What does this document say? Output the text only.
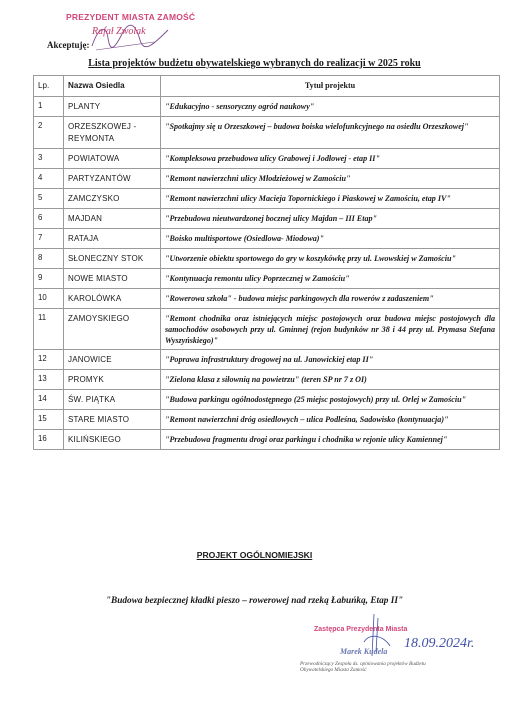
PREZYDENT MIASTA ZAMOŚĆ
Rafał Zwolak
Akceptuję:
Lista projektów budżetu obywatelskiego wybranych do realizacji w 2025 roku
Lp.	Nazwa Osiedla	Tytuł projektu
1	PLANTY	"Edukacyjno - sensoryczny ogród naukowy"
2	ORZESZKOWEJ - REYMONTA	"Spotkajmy się u Orzeszkowej – budowa boiska wielofunkcyjnego na osiedlu Orzeszkowej"
3	POWIATOWA	"Kompleksowa przebudowa ulicy Grabowej i Jodłowej - etap II"
4	PARTYZANTÓW	"Remont nawierzchni ulicy Młodzieżowej w Zamościu"
5	ZAMCZYSKO	"Remont nawierzchni ulicy Macieja Topornickiego i Piaskowej w Zamościu, etap IV"
6	MAJDAN	"Przebudowa nieutwardzonej bocznej ulicy Majdan – III Etap"
7	RATAJA	"Boisko multisportowe (Osiedlowa- Miodowa)"
8	SŁONECZNY STOK	"Utworzenie obiektu sportowego do gry w koszykówkę przy ul. Lwowskiej w Zamościu"
9	NOWE MIASTO	"Kontynuacja remontu ulicy Poprzecznej w Zamościu"
10	KAROLÓWKA	"Rowerowa szkoła" - budowa miejsc parkingowych dla rowerów z zadaszeniem"
11	ZAMOYSKIEGO	"Remont chodnika oraz istniejących miejsc postojowych oraz budowa miejsc postojowych dla samochodów osobowych przy ul. Gminnej (rejon budynków nr 38 i 44 przy ul. Prymasa Stefana Wyszyńskiego)"
12	JANOWICE	"Poprawa infrastruktury drogowej na ul. Janowickiej etap II"
13	PROMYK	"Zielona klasa z siłownią na powietrzu" (teren SP nr 7 z OI)
14	ŚW. PIĄTKA	"Budowa parkingu ogólnodostępnego (25 miejsc postojowych) przy ul. Orlej w Zamościu"
15	STARE MIASTO	"Remont nawierzchni dróg osiedlowych – ulica Podleśna, Sadowisko (kontynuacja)"
16	KILIŃSKIEGO	"Przebudowa fragmentu drogi oraz parkingu i chodnika w rejonie ulicy Kamiennej"
PROJEKT OGÓLNOMIEJSKI
"Budowa bezpiecznej kładki pieszo – rowerowej nad rzeką Łabuńką, Etap II"
Zastępca Prezydenta Miasta
Marek Kudela
18.09.2024r.
Przewodniczący Zespołu ds. opiniowania projektów Budżetu Obywatelskiego Miasta Zamość
